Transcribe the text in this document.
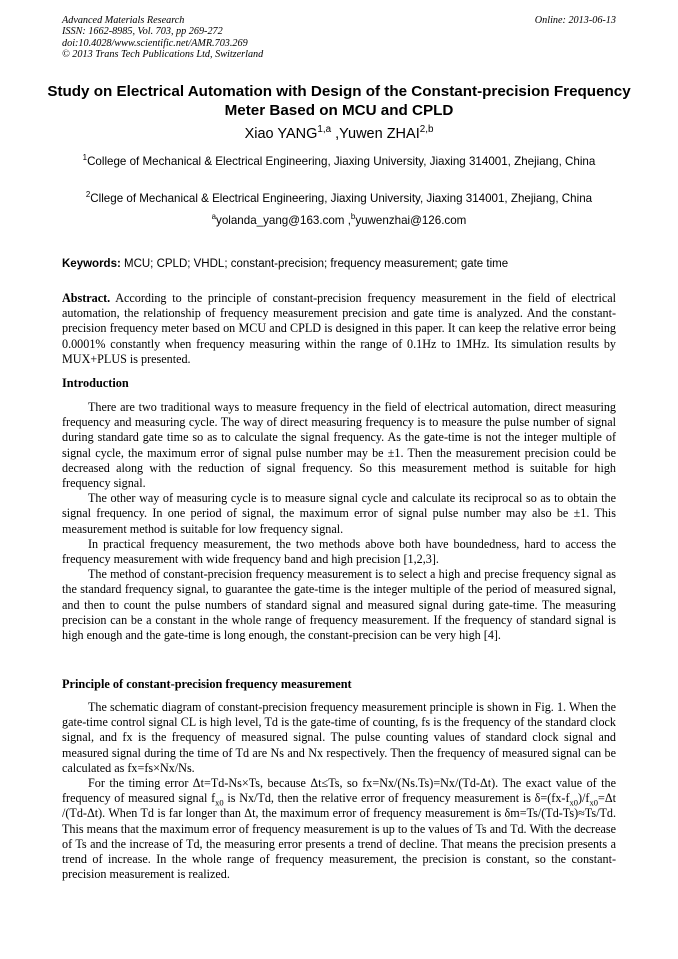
Advanced Materials Research
ISSN: 1662-8985, Vol. 703, pp 269-272
doi:10.4028/www.scientific.net/AMR.703.269
© 2013 Trans Tech Publications Ltd, Switzerland
Online: 2013-06-13
Study on Electrical Automation with Design of the Constant-precision Frequency Meter Based on MCU and CPLD
Xiao YANG$^{1,a}$ ,Yuwen ZHAI$^{2,b}$
$^1$College of Mechanical & Electrical Engineering, Jiaxing University, Jiaxing 314001, Zhejiang, China
$^2$Cllege of Mechanical & Electrical Engineering, Jiaxing University, Jiaxing 314001, Zhejiang, China
$^a$yolanda_yang@163.com ,$^b$yuwenzhai@126.com
Keywords: MCU; CPLD; VHDL; constant-precision; frequency measurement; gate time

Abstract. According to the principle of constant-precision frequency measurement in the field of electrical automation, the relationship of frequency measurement precision and gate time is analyzed. And the constant-precision frequency meter based on MCU and CPLD is designed in this paper. It can keep the relative error being 0.0001% constantly when frequency measuring within the range of 0.1Hz to 1MHz. Its simulation results by MUX+PLUS is presented.

Introduction

There are two traditional ways to measure frequency in the field of electrical automation, direct measuring frequency and measuring cycle. The way of direct measuring frequency is to measure the pulse number of signal during standard gate time so as to calculate the signal frequency. As the gate-time is not the integer multiple of signal cycle, the maximum error of signal pulse number may be ±1. Then the measurement precision could be decreased along with the reduction of signal frequency. So this measurement method is suitable for high frequency signal.

The other way of measuring cycle is to measure signal cycle and calculate its reciprocal so as to obtain the signal frequency. In one period of signal, the maximum error of signal pulse number may also be ±1. This measurement method is suitable for low frequency signal.

In practical frequency measurement, the two methods above both have boundedness, hard to access the frequency measurement with wide frequency band and high precision [1,2,3].

The method of constant-precision frequency measurement is to select a high and precise frequency signal as the standard frequency signal, to guarantee the gate-time is the integer multiple of the period of measured signal, and then to count the pulse numbers of standard signal and measured signal during gate-time. The measuring precision can be a constant in the whole range of frequency measurement. If the frequency of standard signal is high enough and the gate-time is long enough, the constant-precision can be very high [4].

Principle of constant-precision frequency measurement

The schematic diagram of constant-precision frequency measurement principle is shown in Fig. 1. When the gate-time control signal CL is high level, Td is the gate-time of counting, fs is the frequency of the standard clock signal, and fx is the frequency of measured signal. The pulse counting values of standard clock signal and measured signal during the time of Td are Ns and Nx respectively. Then the frequency of measured signal can be calculated as fx=fs×Nx/Ns.

For the timing error Δt=Td-Ns×Ts, because Δt≤Ts, so fx=Nx/(Ns.Ts)=Nx/(Td-Δt). The exact value of the frequency of measured signal $f_{x0}$ is Nx/Td, then the relative error of frequency measurement is $\delta=(fx-f_{x0})/f_{x0}=\Delta t$ /(Td-Δt). When Td is far longer than Δt, the maximum error of frequency measurement is δm=Ts/(Td-Ts)≈Ts/Td. This means that the maximum error of frequency measurement is up to the values of Ts and Td. With the decrease of Ts and the increase of Td, the measuring error presents a trend of decline. That means the precision presents a trend of increase. In the whole range of frequency measurement, the precision is constant, so the constant-precision measurement is realized.
